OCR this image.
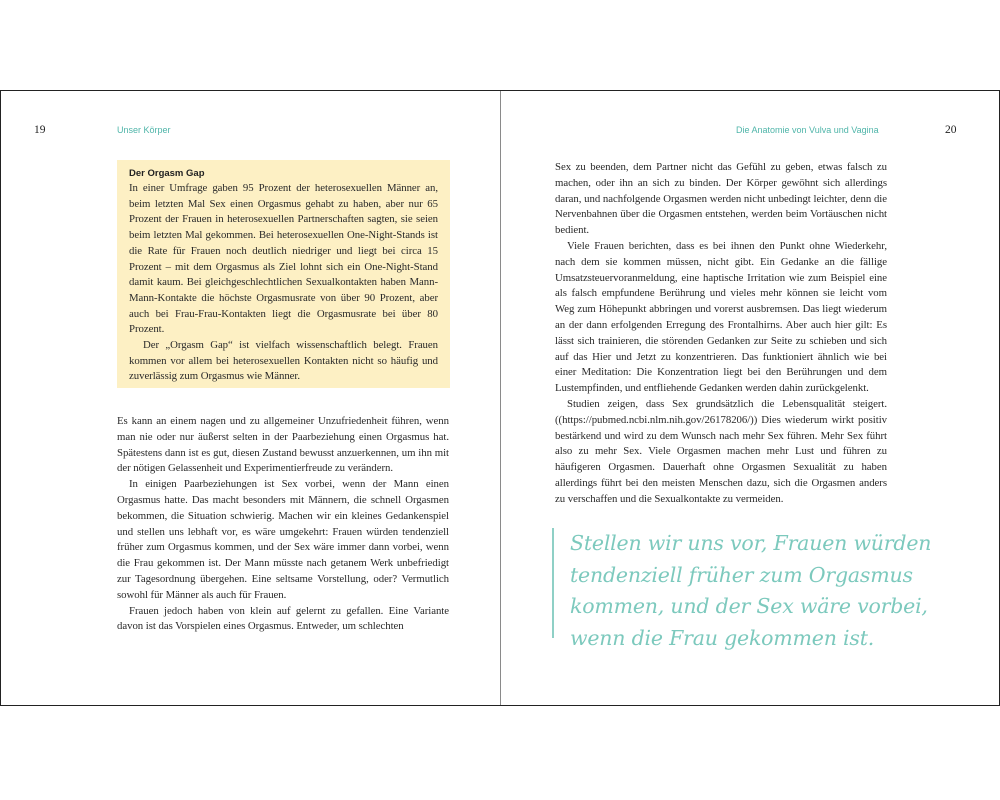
19	Unser Körper
Der Orgasm Gap

In einer Umfrage gaben 95 Prozent der heterosexuellen Männer an, beim letzten Mal Sex einen Orgasmus gehabt zu haben, aber nur 65 Prozent der Frauen in heterosexuellen Partnerschaften sagten, sie seien beim letzten Mal gekommen. Bei heterosexuellen One-Night-Stands ist die Rate für Frauen noch deutlich niedriger und liegt bei circa 15 Prozent – mit dem Orgasmus als Ziel lohnt sich ein One-Night-Stand damit kaum. Bei gleichgeschlechtlichen Sexualkontakten haben Mann-Mann-Kontakte die höchste Orgasmusrate von über 90 Prozent, aber auch bei Frau-Frau-Kontakten liegt die Orgasmusrate bei über 80 Prozent.

Der „Orgasm Gap“ ist vielfach wissenschaftlich belegt. Frauen kommen vor allem bei heterosexuellen Kontakten nicht so häufig und zuverlässig zum Orgasmus wie Männer.

Es kann an einem nagen und zu allgemeiner Unzufriedenheit führen, wenn man nie oder nur äußerst selten in der Paarbeziehung einen Orgasmus hat. Spätestens dann ist es gut, diesen Zustand bewusst anzuerkennen, um ihn mit der nötigen Gelassenheit und Experimentierfreude zu verändern.

In einigen Paarbeziehungen ist Sex vorbei, wenn der Mann einen Orgasmus hatte. Das macht besonders mit Männern, die schnell Orgasmen bekommen, die Situation schwierig. Machen wir ein kleines Gedankenspiel und stellen uns lebhaft vor, es wäre umgekehrt: Frauen würden tendenziell früher zum Orgasmus kommen, und der Sex wäre immer dann vorbei, wenn die Frau gekommen ist. Der Mann müsste nach getanem Werk unbefriedigt zur Tagesordnung übergehen. Eine seltsame Vorstellung, oder? Vermutlich sowohl für Männer als auch für Frauen.

Frauen jedoch haben von klein auf gelernt zu gefallen. Eine Variante davon ist das Vorspielen eines Orgasmus. Entweder, um schlechten

Die Anatomie von Vulva und Vagina	20

Sex zu beenden, dem Partner nicht das Gefühl zu geben, etwas falsch zu machen, oder ihn an sich zu binden. Der Körper gewöhnt sich allerdings daran, und nachfolgende Orgasmen werden nicht unbedingt leichter, denn die Nervenbahnen über die Orgasmen entstehen, werden beim Vortäuschen nicht bedient.

Viele Frauen berichten, dass es bei ihnen den Punkt ohne Wiederkehr, nach dem sie kommen müssen, nicht gibt. Ein Gedanke an die fällige Umsatzsteuervoranmeldung, eine haptische Irritation wie zum Beispiel eine als falsch empfundene Berührung und vieles mehr können sie leicht vom Weg zum Höhepunkt abbringen und vorerst ausbremsen. Das liegt wiederum an der dann erfolgenden Erregung des Frontalhirns. Aber auch hier gilt: Es lässt sich trainieren, die störenden Gedanken zur Seite zu schieben und sich auf das Hier und Jetzt zu konzentrieren. Das funktioniert ähnlich wie bei einer Meditation: Die Konzentration liegt bei den Berührungen und dem Lustempfinden, und entfliehende Gedanken werden dahin zurückgelenkt.

Studien zeigen, dass Sex grundsätzlich die Lebensqualität steigert. ((https://pubmed.ncbi.nlm.nih.gov/26178206/)) Dies wiederum wirkt positiv bestärkend und wird zu dem Wunsch nach mehr Sex führen. Mehr Sex führt also zu mehr Sex. Viele Orgasmen machen mehr Lust und führen zu häufigeren Orgasmen. Dauerhaft ohne Orgasmen Sexualität zu haben allerdings führt bei den meisten Menschen dazu, sich die Orgasmen anders zu verschaffen und die Sexualkontakte zu vermeiden.

Stellen wir uns vor, Frauen würden tendenziell früher zum Orgasmus kommen, und der Sex wäre vorbei, wenn die Frau gekommen ist.
